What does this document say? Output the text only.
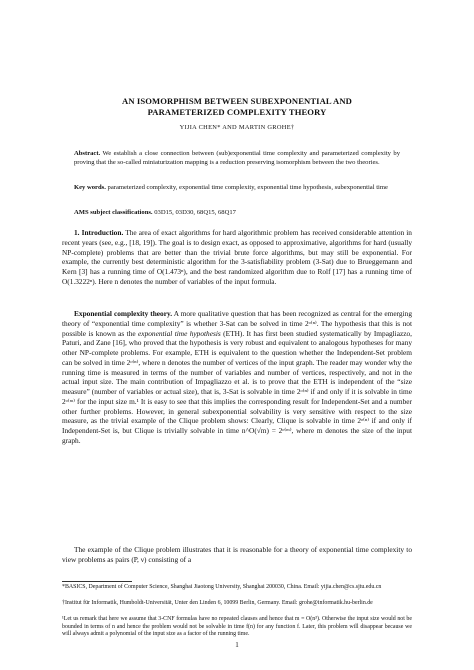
AN ISOMORPHISM BETWEEN SUBEXPONENTIAL AND
PARAMETERIZED COMPLEXITY THEORY
YIJIA CHEN* AND MARTIN GROHE†
Abstract. We establish a close connection between (sub)exponential time complexity and parameterized complexity by proving that the so-called miniaturization mapping is a reduction preserving isomorphism between the two theories.
Key words. parameterized complexity, exponential time complexity, exponential time hypothesis, subexponential time
AMS subject classifications. 03D15, 03D30, 68Q15, 68Q17

1. Introduction. The area of exact algorithms for hard algorithmic problem has received considerable attention in recent years (see, e.g., [18, 19]). The goal is to design exact, as opposed to approximative, algorithms for hard (usually NP-complete) problems that are better than the trivial brute force algorithms, but may still be exponential. For example, the currently best deterministic algorithm for the 3-satisfiability problem (3-Sat) due to Brueggemann and Kern [3] has a running time of O(1.473ⁿ), and the best randomized algorithm due to Rolf [17] has a running time of O(1.3222ⁿ). Here n denotes the number of variables of the input formula.

Exponential complexity theory. A more qualitative question that has been recognized as central for the emerging theory of “exponential time complexity” is whether 3-Sat can be solved in time 2ᵒ⁽ⁿ⁾. The hypothesis that this is not possible is known as the exponential time hypothesis (ETH). It has first been studied systematically by Impagliazzo, Paturi, and Zane [16], who proved that the hypothesis is very robust and equivalent to analogous hypotheses for many other NP-complete problems. For example, ETH is equivalent to the question whether the Independent-Set problem can be solved in time 2ᵒ⁽ⁿ⁾, where n denotes the number of vertices of the input graph. The reader may wonder why the running time is measured in terms of the number of variables and number of vertices, respectively, and not in the actual input size. The main contribution of Impagliazzo et al. is to prove that the ETH is independent of the “size measure” (number of variables or actual size), that is, 3-Sat is solvable in time 2ᵒ⁽ⁿ⁾ if and only if it is solvable in time 2ᵒ⁽ᵐ⁾ for the input size m.¹ It is easy to see that this implies the corresponding result for Independent-Set and a number other further problems. However, in general subexponential solvability is very sensitive with respect to the size measure, as the trivial example of the Clique problem shows: Clearly, Clique is solvable in time 2ᵒ⁽ⁿ⁾ if and only if Independent-Set is, but Clique is trivially solvable in time n^O(√m) = 2ᵒ⁽ᵐ⁾, where m denotes the size of the input graph.

The example of the Clique problem illustrates that it is reasonable for a theory of exponential time complexity to view problems as pairs (P, ν) consisting of a

*BASICS, Department of Computer Science, Shanghai Jiaotong University, Shanghai 200030, China. Email: yijia.chen@cs.sjtu.edu.cn
†Institut für Informatik, Humboldt-Universität, Unter den Linden 6, 10099 Berlin, Germany. Email: grohe@informatik.hu-berlin.de
¹Let us remark that here we assume that 3-CNF formulas have no repeated clauses and hence that m = O(n³). Otherwise the input size would not be bounded in terms of n and hence the problem would not be solvable in time f(n) for any function f. Later, this problem will disappear because we will always admit a polynomial of the input size as a factor of the running time.
1
